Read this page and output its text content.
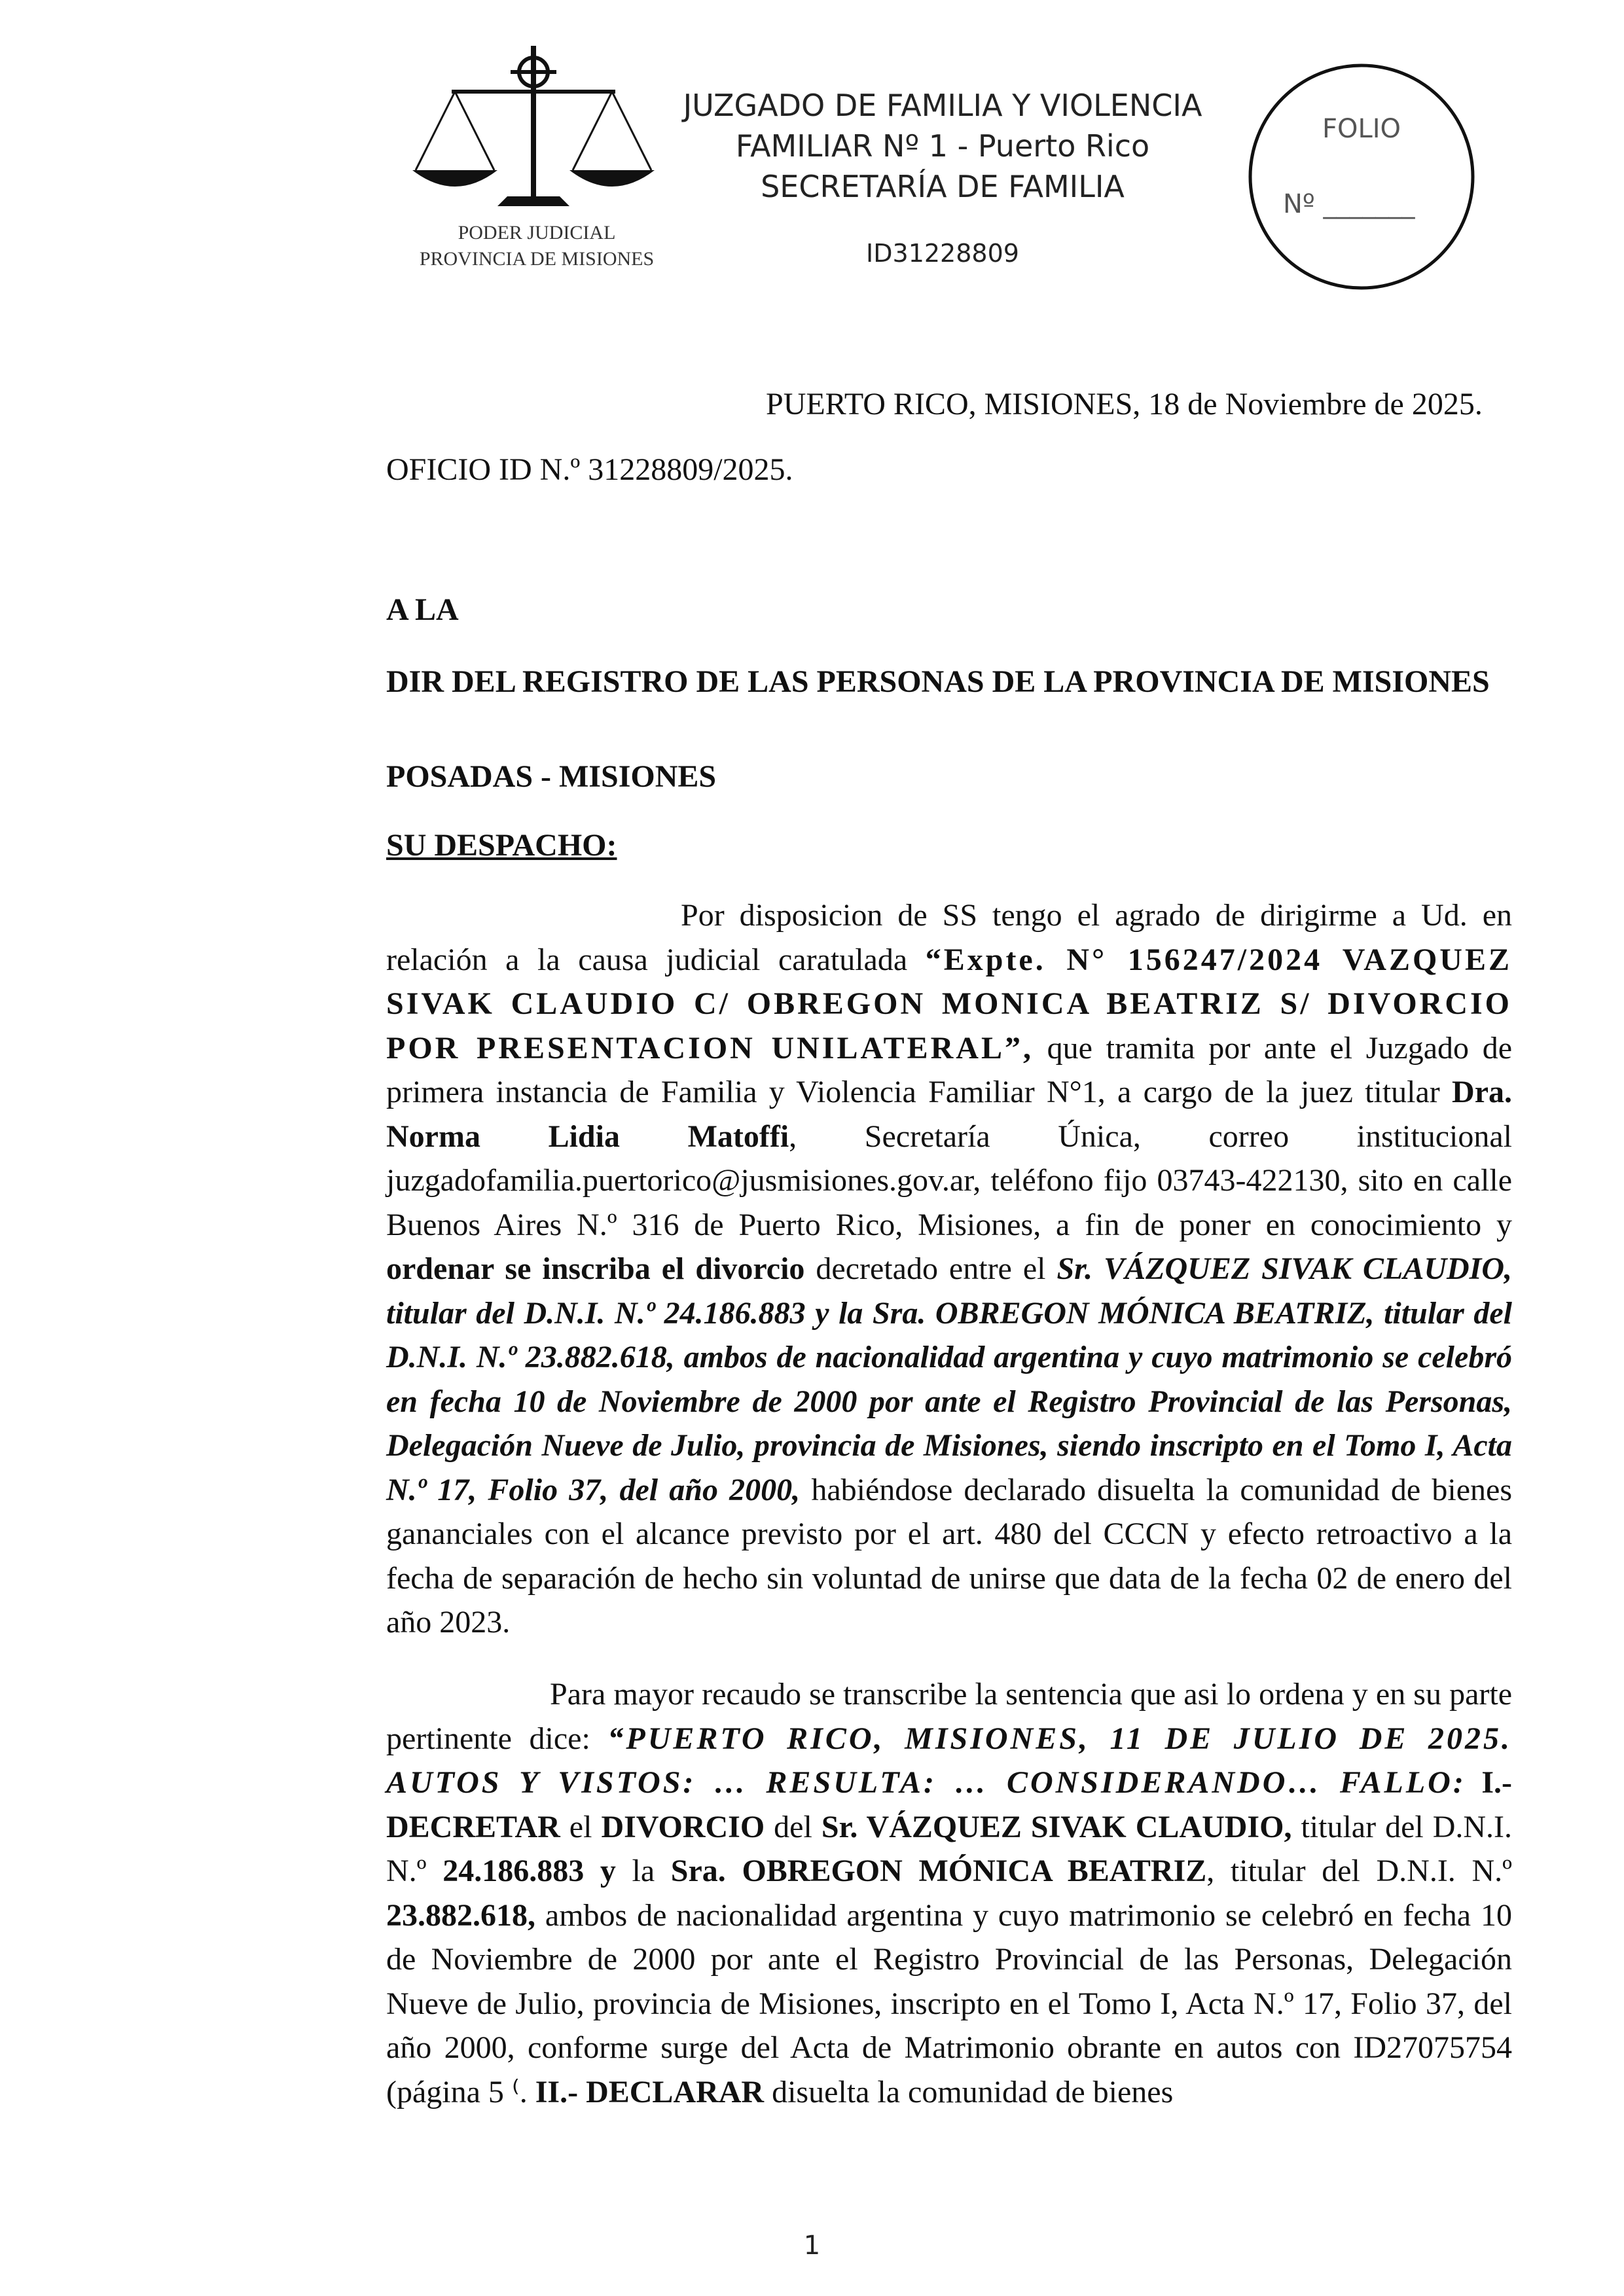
PODER JUDICIAL
PROVINCIA DE MISIONES
JUZGADO DE FAMILIA Y VIOLENCIA
FAMILIAR Nº 1 - Puerto Rico
SECRETARÍA DE FAMILIA
ID31228809
FOLIO
Nº _______
PUERTO RICO, MISIONES, 18 de Noviembre de 2025.
OFICIO ID N.º 31228809/2025.
A LA
DIR DEL REGISTRO DE LAS PERSONAS DE LA PROVINCIA DE MISIONES
POSADAS - MISIONES
SU DESPACHO:
Por disposicion de SS tengo el agrado de dirigirme a Ud. en relación a la causa judicial caratulada “Expte. N° 156247/2024 VAZQUEZ SIVAK CLAUDIO C/ OBREGON MONICA BEATRIZ S/ DIVORCIO POR PRESENTACION UNILATERAL”, que tramita por ante el Juzgado de primera instancia de Familia y Violencia Familiar N°1, a cargo de la juez titular Dra. Norma Lidia Matoffi, Secretaría Única, correo institucional juzgadofamilia.puertorico@jusmisiones.gov.ar, teléfono fijo 03743-422130, sito en calle Buenos Aires N.º 316 de Puerto Rico, Misiones, a fin de poner en conocimiento y ordenar se inscriba el divorcio decretado entre el Sr. VÁZQUEZ SIVAK CLAUDIO, titular del D.N.I. N.º 24.186.883 y la Sra. OBREGON MÓNICA BEATRIZ, titular del D.N.I. N.º 23.882.618, ambos de nacionalidad argentina y cuyo matrimonio se celebró en fecha 10 de Noviembre de 2000 por ante el Registro Provincial de las Personas, Delegación Nueve de Julio, provincia de Misiones, siendo inscripto en el Tomo I, Acta N.º 17, Folio 37, del año 2000, habiéndose declarado disuelta la comunidad de bienes gananciales con el alcance previsto por el art. 480 del CCCN y efecto retroactivo a la fecha de separación de hecho sin voluntad de unirse que data de la fecha 02 de enero del año 2023.
Para mayor recaudo se transcribe la sentencia que asi lo ordena y en su parte pertinente dice: “PUERTO RICO, MISIONES, 11 DE JULIO DE 2025. AUTOS Y VISTOS: … RESULTA: … CONSIDERANDO… FALLO: I.- DECRETAR el DIVORCIO del Sr. VÁZQUEZ SIVAK CLAUDIO, titular del D.N.I. N.º 24.186.883 y la Sra. OBREGON MÓNICA BEATRIZ, titular del D.N.I. N.º 23.882.618, ambos de nacionalidad argentina y cuyo matrimonio se celebró en fecha 10 de Noviembre de 2000 por ante el Registro Provincial de las Personas, Delegación Nueve de Julio, provincia de Misiones, inscripto en el Tomo I, Acta N.º 17, Folio 37, del año 2000, conforme surge del Acta de Matrimonio obrante en autos con ID27075754 (página 5 ⁽. II.- DECLARAR disuelta la comunidad de bienes
1
